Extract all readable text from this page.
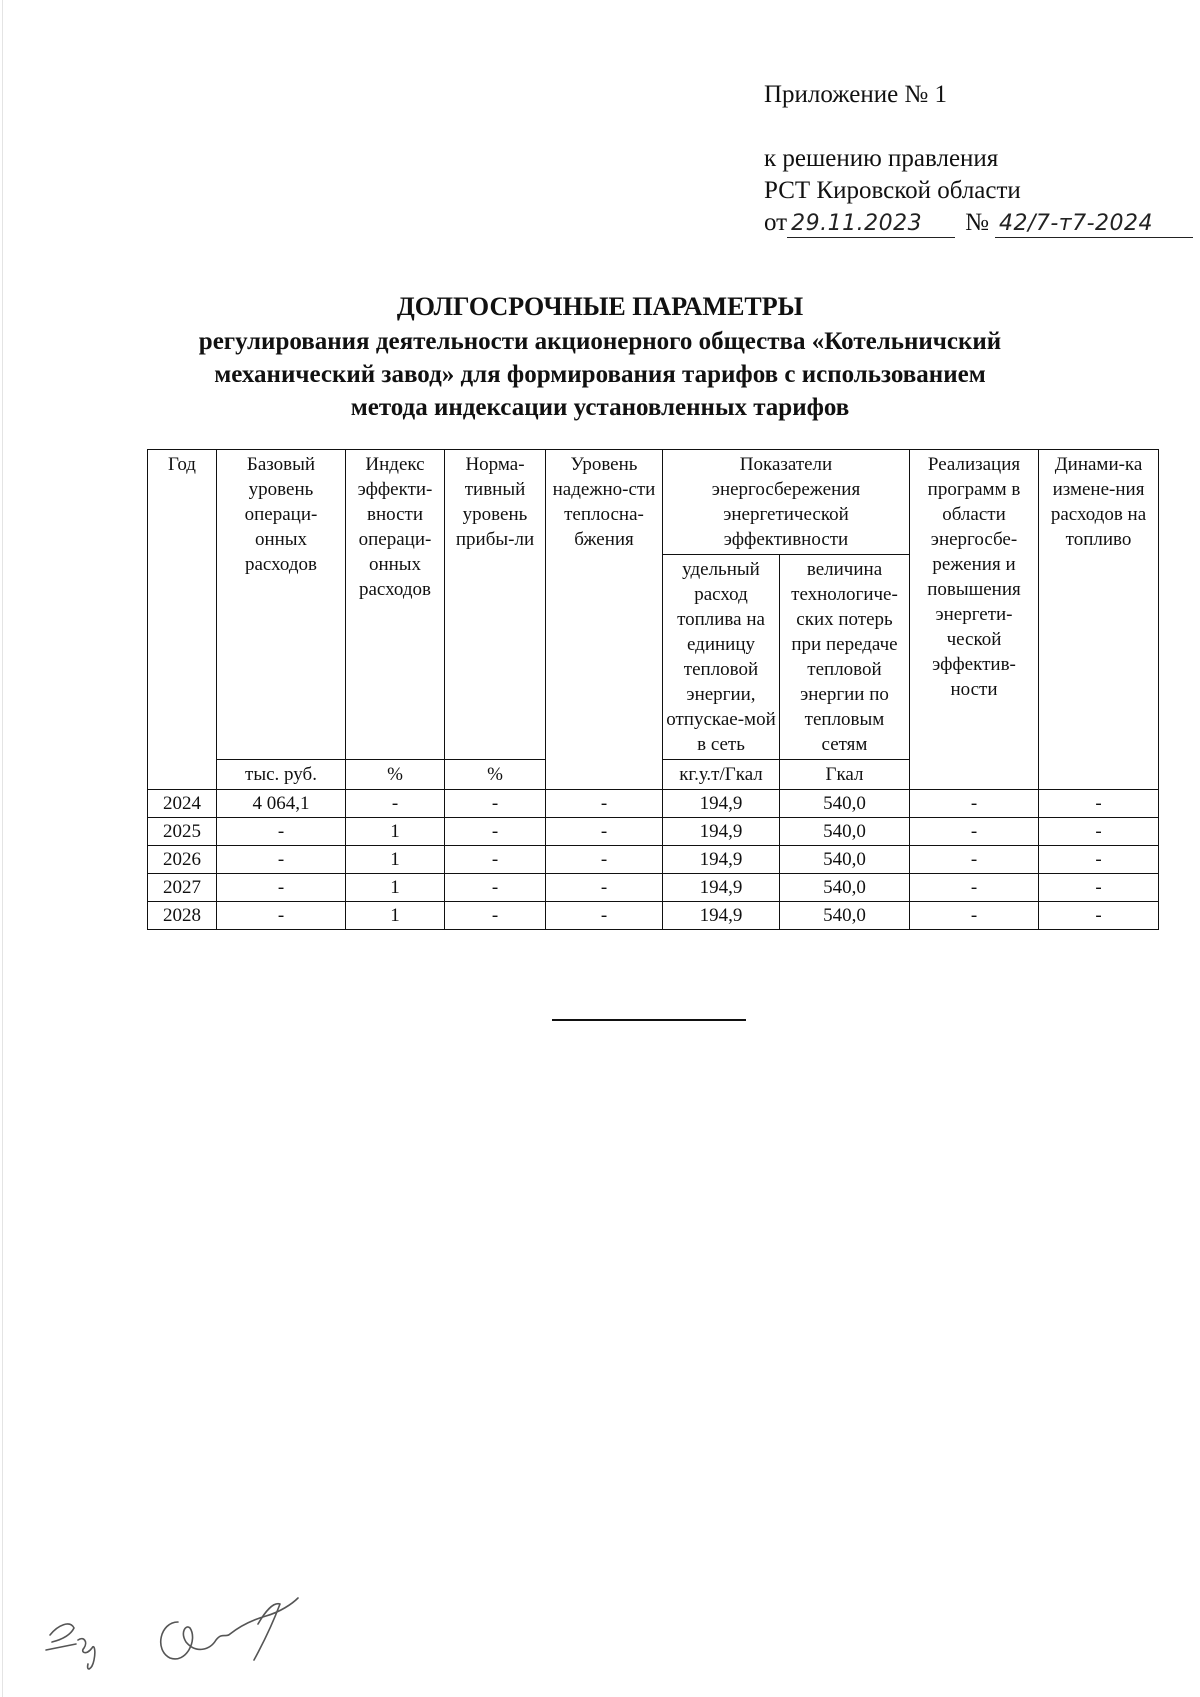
Приложение № 1
к решению правления
РСТ Кировской области
от 29.11.2023 № 42/7-т7-2024
ДОЛГОСРОЧНЫЕ ПАРАМЕТРЫ
регулирования деятельности акционерного общества «Котельничский
механический завод» для формирования тарифов с использованием
метода индексации установленных тарифов
Год	Базовый уровень операци-онных расходов	Индекс эффекти-вности операци-онных расходов	Норма-тивный уровень прибы-ли	Уровень надежно-сти теплосна-бжения	Показатели энергосбережения энергетической эффективности		Реализация программ в области энергосбе-режения и повышения энергети-ческой эффектив-ности	Динами-ка измене-ния расходов на топливо
					удельный расход топлива на единицу тепловой энергии, отпускае-мой в сеть	величина технологиче-ских потерь при передаче тепловой энергии по тепловым сетям		
	тыс. руб.	%	%		кг.у.т/Гкал	Гкал		
2024	4 064,1	-	-	-	194,9	540,0	-	-
2025	-	1	-	-	194,9	540,0	-	-
2026	-	1	-	-	194,9	540,0	-	-
2027	-	1	-	-	194,9	540,0	-	-
2028	-	1	-	-	194,9	540,0	-	-
